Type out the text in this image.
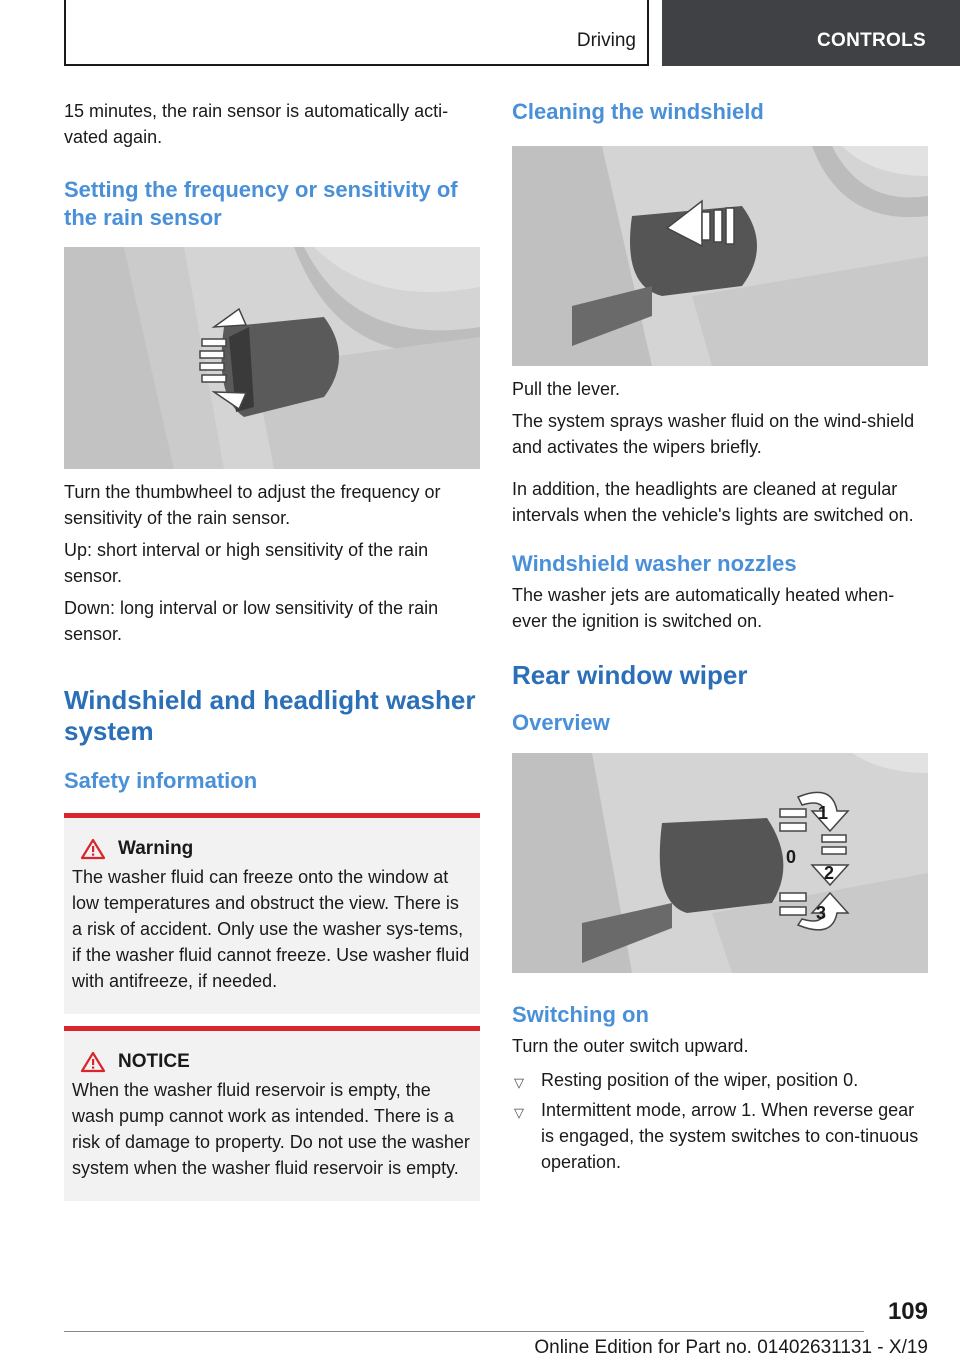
Driving	CONTROLS

15 minutes, the rain sensor is automatically acti-vated again.

Setting the frequency or sensitivity of the rain sensor

Turn the thumbwheel to adjust the frequency or sensitivity of the rain sensor.

Up: short interval or high sensitivity of the rain sensor.

Down: long interval or low sensitivity of the rain sensor.

Windshield and headlight washer system
Safety information
Warning

The washer fluid can freeze onto the window at low temperatures and obstruct the view. There is a risk of accident. Only use the washer sys-tems, if the washer fluid cannot freeze. Use washer fluid with antifreeze, if needed.

NOTICE

When the washer fluid reservoir is empty, the wash pump cannot work as intended. There is a risk of damage to property. Do not use the washer system when the washer fluid reservoir is empty.

Cleaning the windshield

Pull the lever.

The system sprays washer fluid on the wind-shield and activates the wipers briefly.

In addition, the headlights are cleaned at regular intervals when the vehicle's lights are switched on.

Windshield washer nozzles

The washer jets are automatically heated when-ever the ignition is switched on.

Rear window wiper
Overview
1
0
2
3
Switching on

Turn the outer switch upward.

▽ Resting position of the wiper, position 0.
▽ Intermittent mode, arrow 1. When reverse gear is engaged, the system switches to con-tinuous operation.
109
Online Edition for Part no. 01402631131 - X/19
